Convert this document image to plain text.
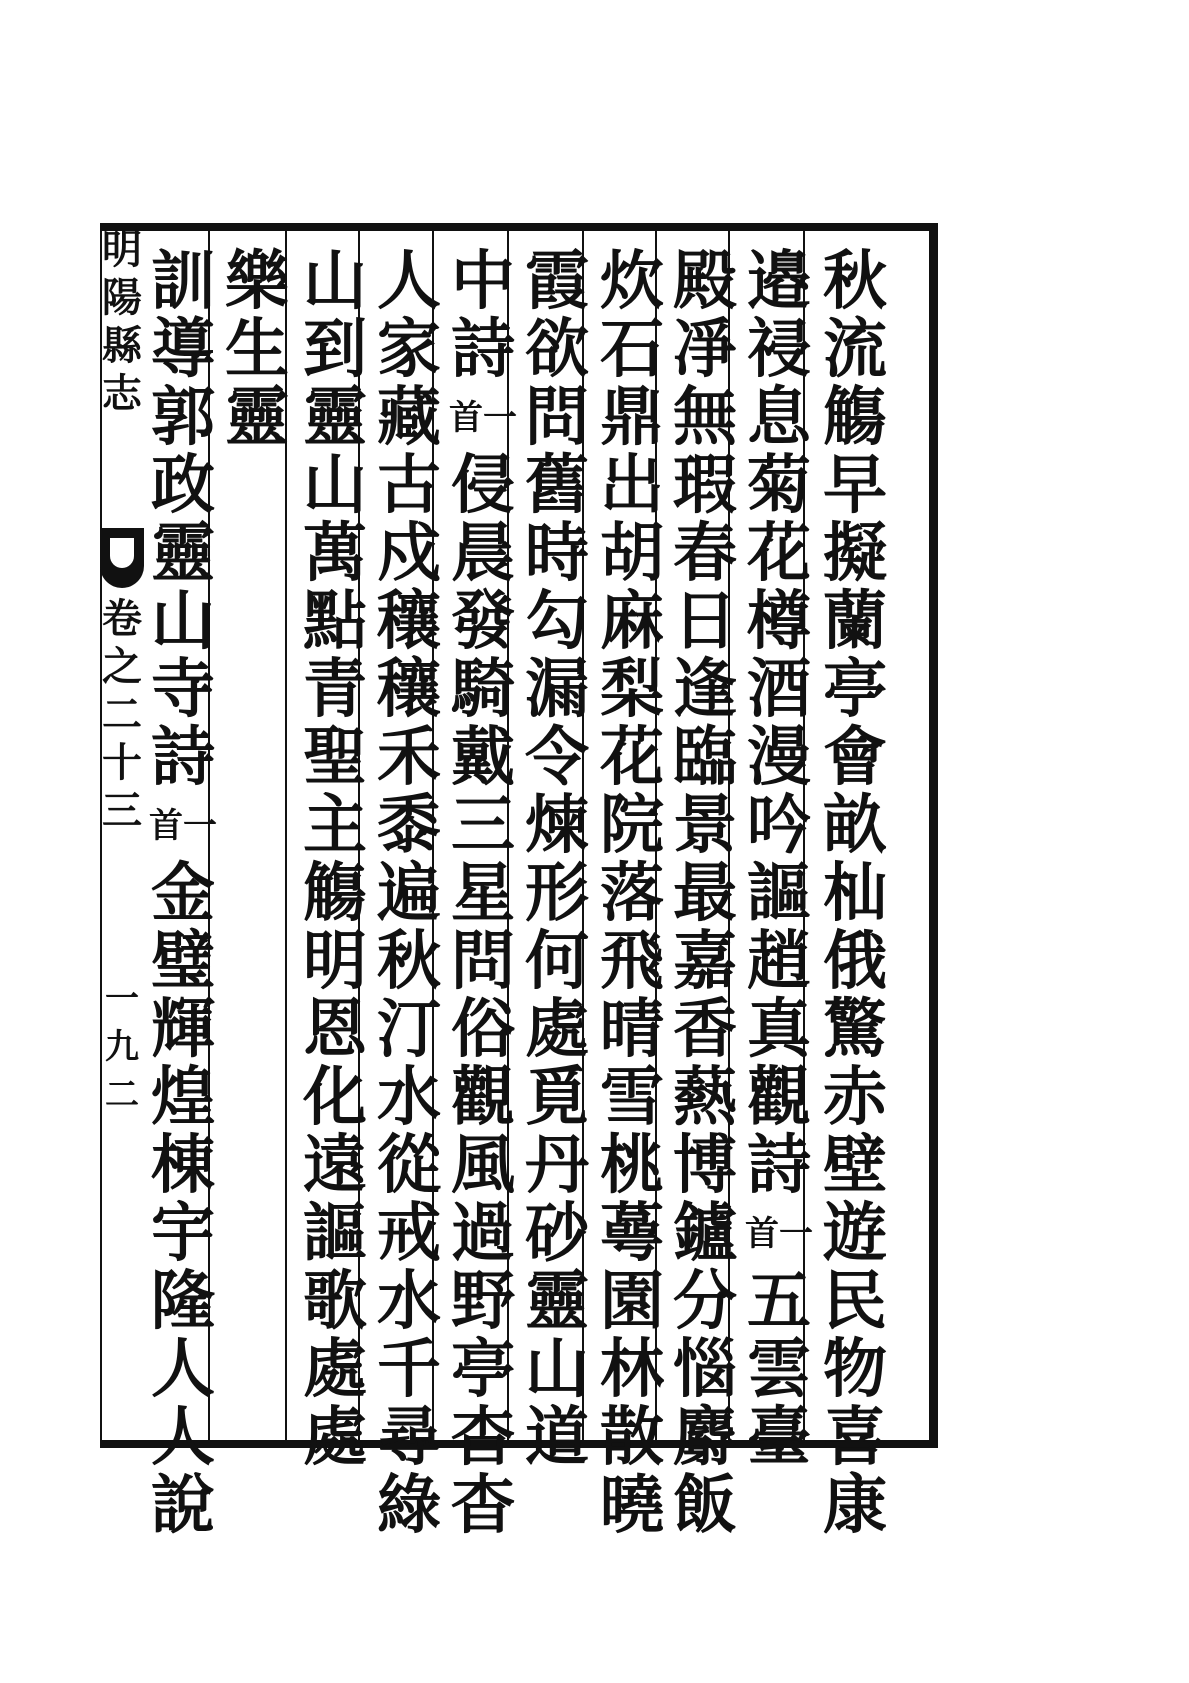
明
陽
縣
志
卷
之
二
十
三
一
九
二
秋
流
觴
早
擬
蘭
亭
會
畝
杣
俄
驚
赤
壁
遊
民
物
喜
康
邉
祲
息
菊
花
樽
酒
漫
吟
謳
趙
真
觀
詩
首一
五
雲
臺
殿
凈
無
瑕
春
日
逢
臨
景
最
嘉
香
爇
博
鑪
分
惱
麝
飯
炊
石
鼎
出
胡
麻
梨
花
院
落
飛
晴
雪
桃
蕚
園
林
散
曉
霞
欲
問
舊
時
勾
漏
令
煉
形
何
處
覓
丹
砂
靈
山
道
中
詩
首一
侵
晨
發
騎
戴
三
星
問
俗
觀
風
過
野
亭
杳
杳
人
家
藏
古
戍
穰
穰
禾
黍
遍
秋
汀
水
從
戒
水
千
尋
綠
山
到
靈
山
萬
點
青
聖
主
觴
明
恩
化
遠
謳
歌
處
處
樂
生
靈
訓
導
郭
政
靈
山
寺
詩
首一
金
璧
輝
煌
棟
宇
隆
人
人
說
